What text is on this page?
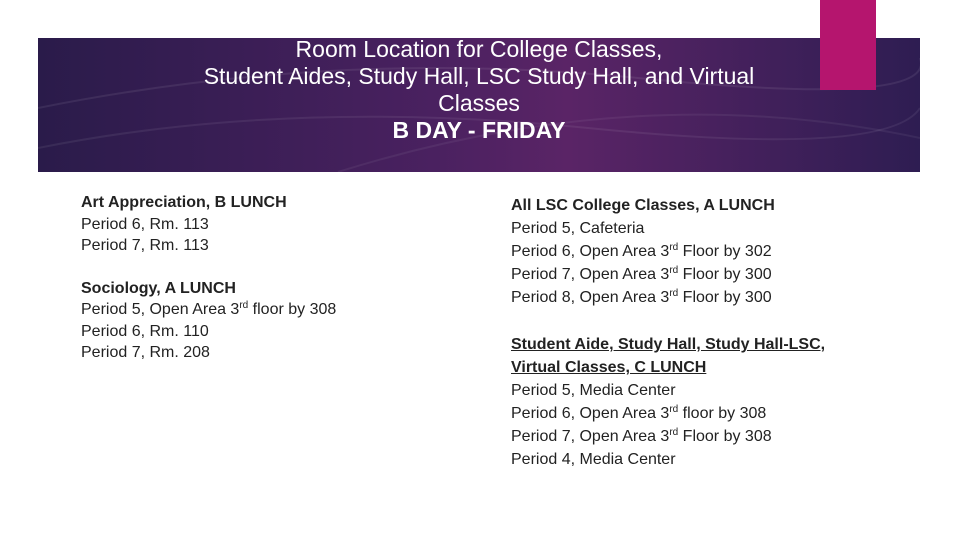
Room Location for College Classes,
Student Aides, Study Hall, LSC Study Hall, and Virtual
Classes
B DAY - FRIDAY
Art Appreciation, B LUNCH
Period 6, Rm. 113
Period 7, Rm. 113
Sociology, A LUNCH
Period 5, Open Area 3rd floor by 308
Period 6, Rm. 110
Period 7, Rm. 208
All LSC College Classes, A LUNCH
Period 5, Cafeteria
Period 6, Open Area 3rd Floor by 302
Period 7, Open Area 3rd Floor by 300
Period 8, Open Area 3rd Floor by 300
Student Aide, Study Hall, Study Hall-LSC,
Virtual Classes, C LUNCH
Period 5, Media Center
Period 6, Open Area 3rd floor by 308
Period 7, Open Area 3rd Floor by 308
Period 4, Media Center
